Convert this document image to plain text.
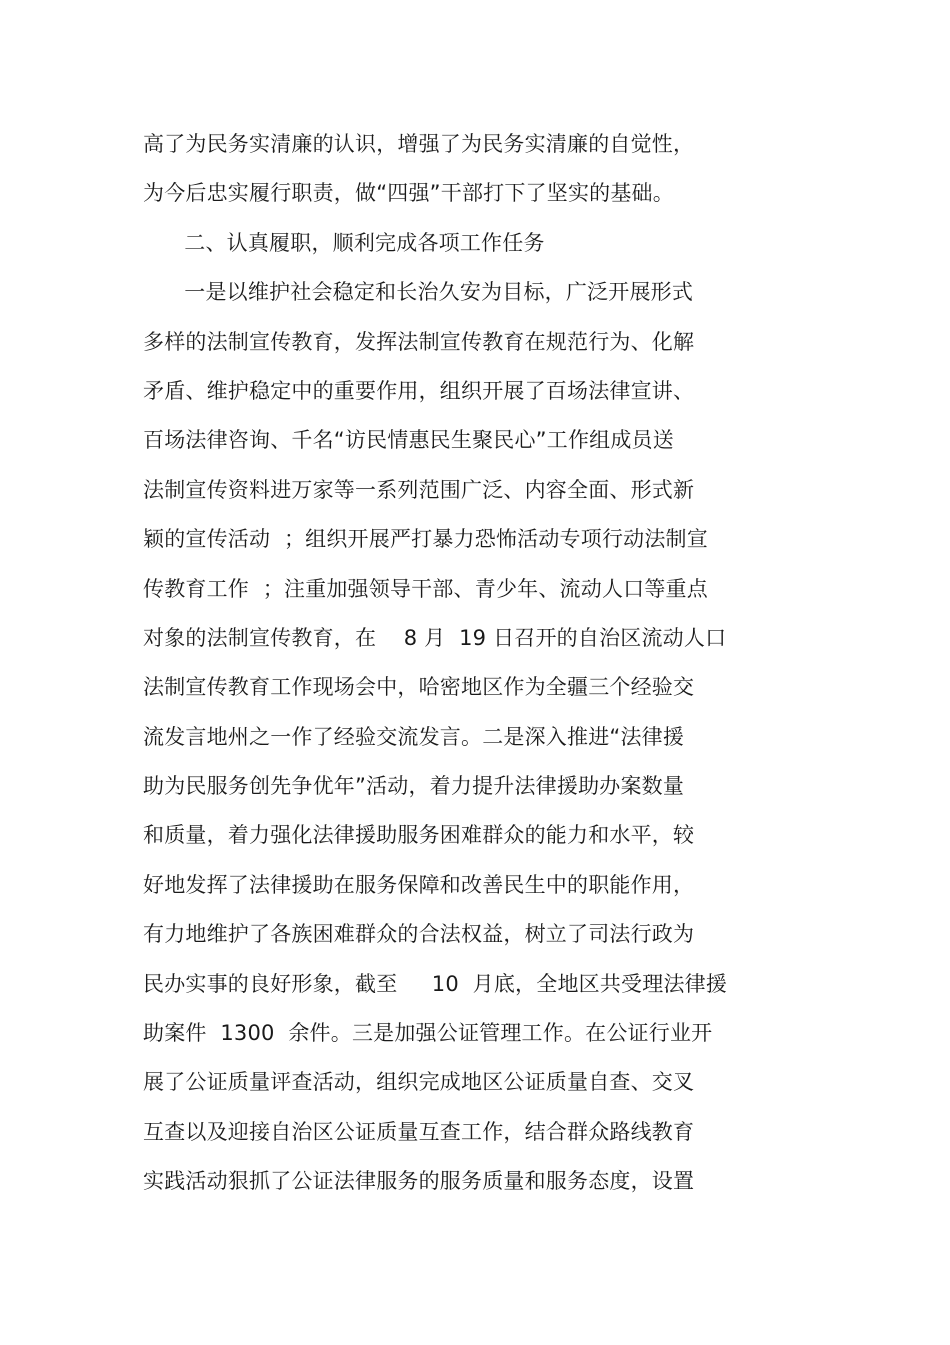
高了为民务实清廉的认识，增强了为民务实清廉的自觉性，
为今后忠实履行职责，做“四强”干部打下了坚实的基础。
二、认真履职，顺利完成各项工作任务
一是以维护社会稳定和长治久安为目标，广泛开展形式
多样的法制宣传教育，发挥法制宣传教育在规范行为、化解
矛盾、维护稳定中的重要作用，组织开展了百场法律宣讲、
百场法律咨询、千名“访民情惠民生聚民心”工作组成员送
法制宣传资料进万家等一系列范围广泛、内容全面、形式新
颖的宣传活动  ；组织开展严打暴力恐怖活动专项行动法制宣
传教育工作  ；注重加强领导干部、青少年、流动人口等重点
对象的法制宣传教育，在    8 月  19 日召开的自治区流动人口
法制宣传教育工作现场会中，哈密地区作为全疆三个经验交
流发言地州之一作了经验交流发言。二是深入推进“法律援
助为民服务创先争优年”活动，着力提升法律援助办案数量
和质量，着力强化法律援助服务困难群众的能力和水平，较
好地发挥了法律援助在服务保障和改善民生中的职能作用，
有力地维护了各族困难群众的合法权益，树立了司法行政为
民办实事的良好形象，截至     10  月底，全地区共受理法律援
助案件  1300  余件。三是加强公证管理工作。在公证行业开
展了公证质量评查活动，组织完成地区公证质量自查、交叉
互查以及迎接自治区公证质量互查工作，结合群众路线教育
实践活动狠抓了公证法律服务的服务质量和服务态度，设置
